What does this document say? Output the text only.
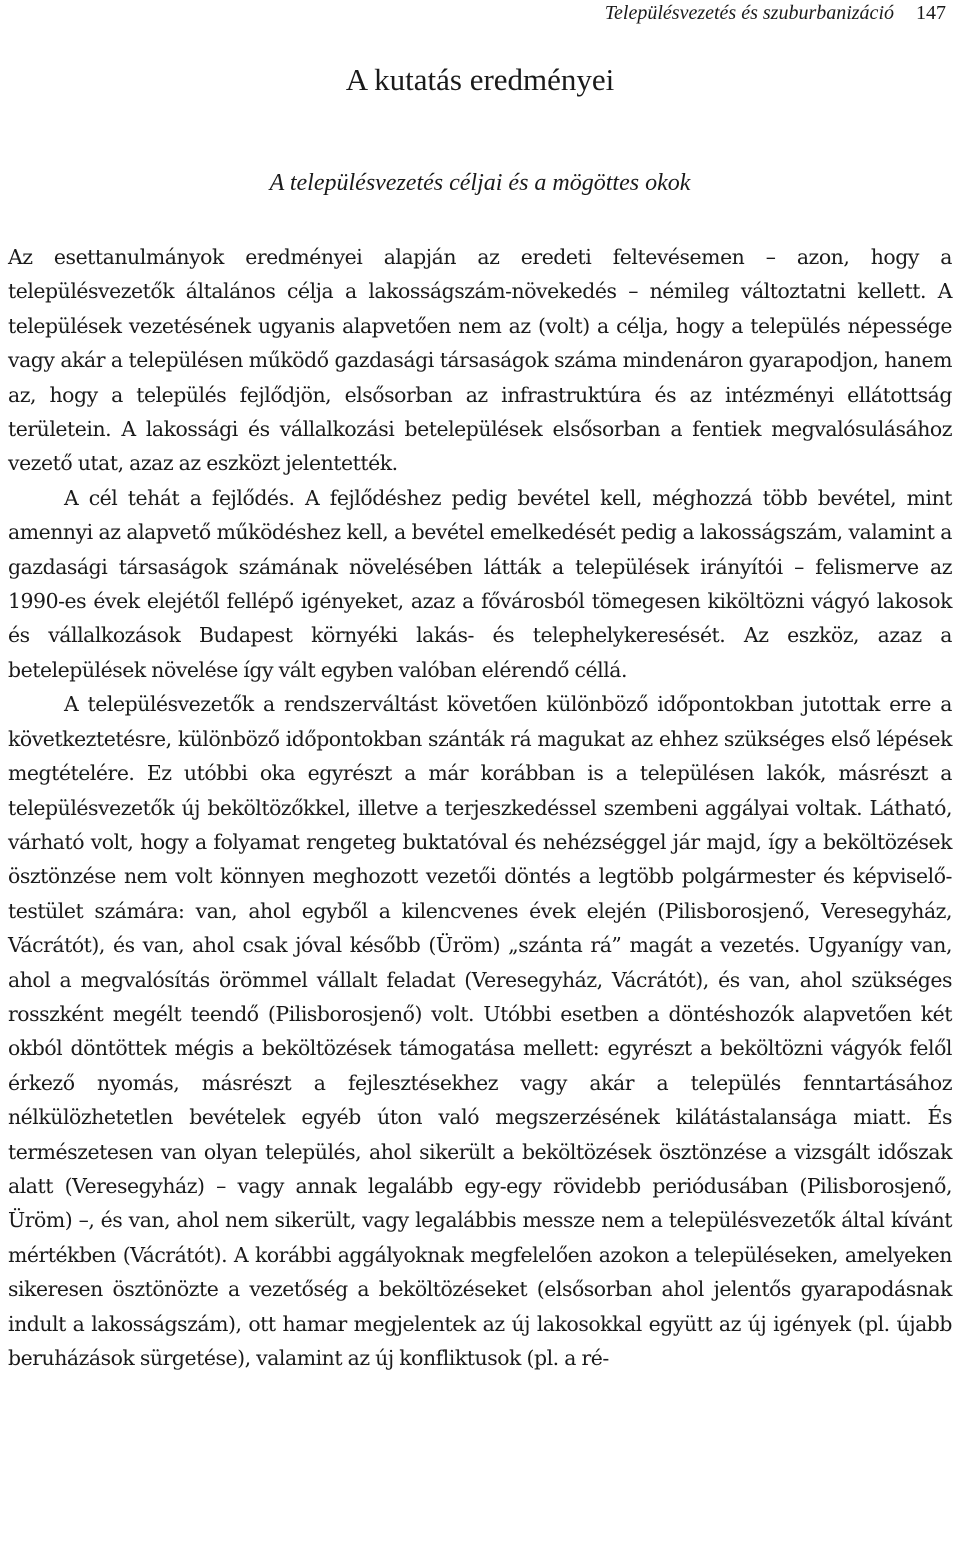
Településvezetés és szuburbanizáció 147
A kutatás eredményei
A településvezetés céljai és a mögöttes okok

Az esettanulmányok eredményei alapján az eredeti feltevésemen – azon, hogy a településvezetők általános célja a lakosságszám-növekedés – némileg változtatni kellett. A települések vezetésének ugyanis alapvetően nem az (volt) a célja, hogy a település népessége vagy akár a településen működő gazdasági társaságok száma mindenáron gyarapodjon, hanem az, hogy a település fejlődjön, elsősorban az infrastruktúra és az intézményi ellátottság területein. A lakossági és vállalkozási betelepülések elsősorban a fentiek megvalósulásához vezető utat, azaz az eszközt jelentették.

A cél tehát a fejlődés. A fejlődéshez pedig bevétel kell, méghozzá több bevétel, mint amennyi az alapvető működéshez kell, a bevétel emelkedését pedig a lakosságszám, valamint a gazdasági társaságok számának növelésében látták a települések irányítói – felismerve az 1990-es évek elejétől fellépő igényeket, azaz a fővárosból tömegesen kiköltözni vágyó lakosok és vállalkozások Budapest környéki lakás- és telephelykeresését. Az eszköz, azaz a betelepülések növelése így vált egyben valóban elérendő céllá.

A településvezetők a rendszerváltást követően különböző időpontokban jutottak erre a következtetésre, különböző időpontokban szánták rá magukat az ehhez szükséges első lépések megtételére. Ez utóbbi oka egyrészt a már korábban is a településen lakók, másrészt a településvezetők új beköltözőkkel, illetve a terjeszkedéssel szembeni aggályai voltak. Látható, várható volt, hogy a folyamat rengeteg buktatóval és nehézséggel jár majd, így a beköltözések ösztönzése nem volt könnyen meghozott vezetői döntés a legtöbb polgármester és képviselő-testület számára: van, ahol egyből a kilencvenes évek elején (Pilisborosjenő, Veresegyház, Vácrátót), és van, ahol csak jóval később (Üröm) „szánta rá” magát a vezetés. Ugyanígy van, ahol a megvalósítás örömmel vállalt feladat (Veresegyház, Vácrátót), és van, ahol szükséges rosszként megélt teendő (Pilisborosjenő) volt. Utóbbi esetben a döntéshozók alapvetően két okból döntöttek mégis a beköltözések támogatása mellett: egyrészt a beköltözni vágyók felől érkező nyomás, másrészt a fejlesztésekhez vagy akár a település fenntartásához nélkülözhetetlen bevételek egyéb úton való megszerzésének kilátástalansága miatt. És természetesen van olyan település, ahol sikerült a beköltözések ösztönzése a vizsgált időszak alatt (Veresegyház) – vagy annak legalább egy-egy rövidebb periódusában (Pilisborosjenő, Üröm) –, és van, ahol nem sikerült, vagy legalábbis messze nem a településvezetők által kívánt mértékben (Vácrátót). A korábbi aggályoknak megfelelően azokon a településeken, amelyeken sikeresen ösztönözte a vezetőség a beköltözéseket (elsősorban ahol jelentős gyarapodásnak indult a lakosságszám), ott hamar megjelentek az új lakosokkal együtt az új igények (pl. újabb beruházások sürgetése), valamint az új konfliktusok (pl. a ré-
